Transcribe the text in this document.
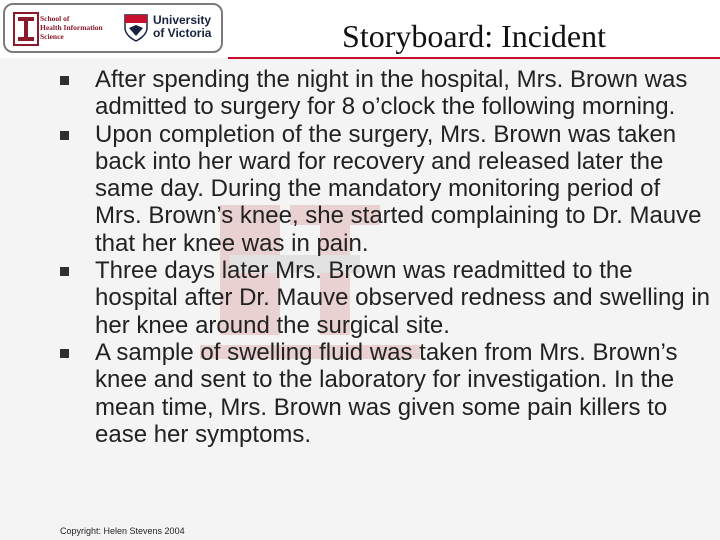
School of
Health Information
Science
University
of Victoria	Storyboard: Incident
After spending the night in the hospital, Mrs. Brown was admitted to surgery for 8 o’clock the following morning.
Upon completion of the surgery, Mrs. Brown was taken back into her ward for recovery and released later the same day. During the mandatory monitoring period of Mrs. Brown’s knee, she started complaining to Dr. Mauve that her knee was in pain.
Three days later Mrs. Brown was readmitted to the hospital after Dr. Mauve observed redness and swelling in her knee around the surgical site.
A sample of swelling fluid was taken from Mrs. Brown’s knee and sent to the laboratory for investigation. In the mean time, Mrs. Brown was given some pain killers to ease her symptoms.
Copyright: Helen Stevens 2004
